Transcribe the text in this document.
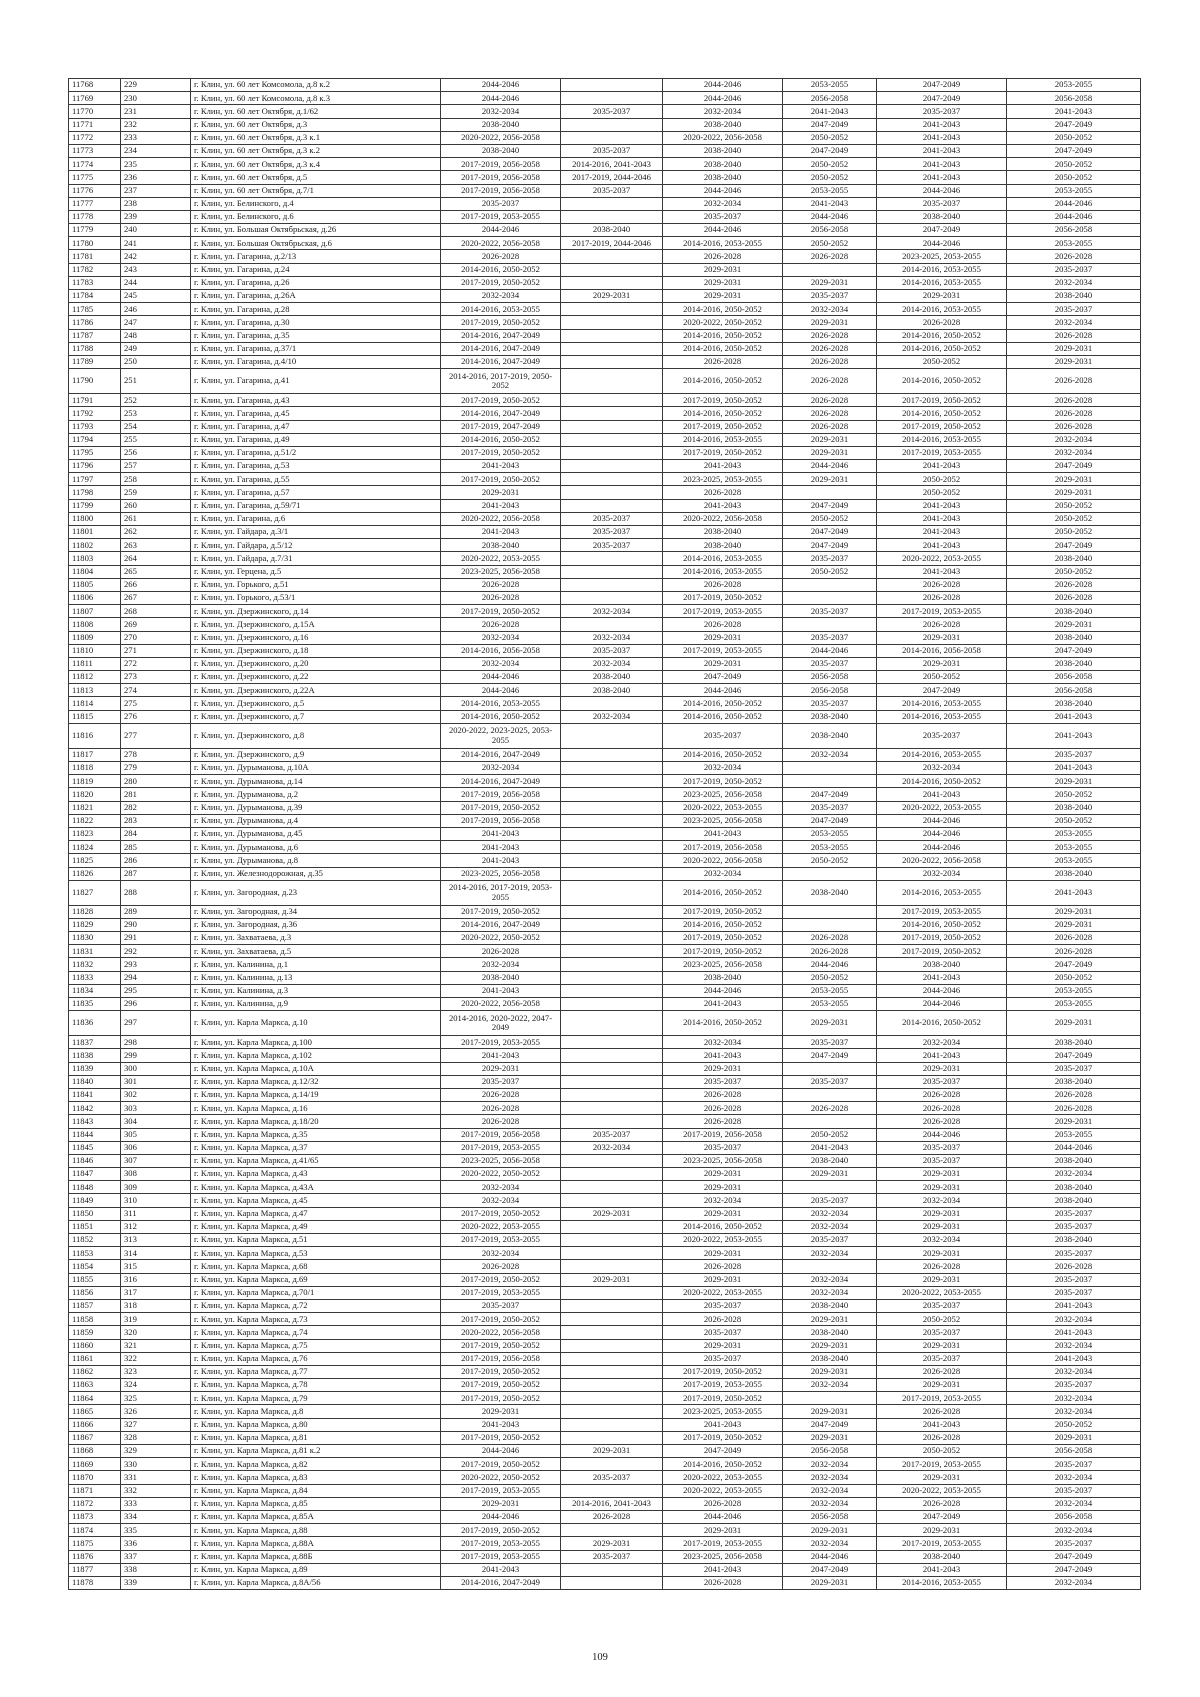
11768	229	г. Клин, ул. 60 лет Комсомола, д.8 к.2	2044-2046		2044-2046	2053-2055	2047-2049	2053-2055
11769	230	г. Клин, ул. 60 лет Комсомола, д.8 к.3	2044-2046		2044-2046	2056-2058	2047-2049	2056-2058
11770	231	г. Клин, ул. 60 лет Октября, д.1/62	2032-2034	2035-2037	2032-2034	2041-2043	2035-2037	2041-2043
11771	232	г. Клин, ул. 60 лет Октября, д.3	2038-2040		2038-2040	2047-2049	2041-2043	2047-2049
11772	233	г. Клин, ул. 60 лет Октября, д.3 к.1	2020-2022, 2056-2058		2020-2022, 2056-2058	2050-2052	2041-2043	2050-2052
11773	234	г. Клин, ул. 60 лет Октября, д.3 к.2	2038-2040	2035-2037	2038-2040	2047-2049	2041-2043	2047-2049
11774	235	г. Клин, ул. 60 лет Октября, д.3 к.4	2017-2019, 2056-2058	2014-2016, 2041-2043	2038-2040	2050-2052	2041-2043	2050-2052
11775	236	г. Клин, ул. 60 лет Октября, д.5	2017-2019, 2056-2058	2017-2019, 2044-2046	2038-2040	2050-2052	2041-2043	2050-2052
11776	237	г. Клин, ул. 60 лет Октября, д.7/1	2017-2019, 2056-2058	2035-2037	2044-2046	2053-2055	2044-2046	2053-2055
11777	238	г. Клин, ул. Белинского, д.4	2035-2037		2032-2034	2041-2043	2035-2037	2044-2046
11778	239	г. Клин, ул. Белинского, д.6	2017-2019, 2053-2055		2035-2037	2044-2046	2038-2040	2044-2046
11779	240	г. Клин, ул. Большая Октябрьская, д.26	2044-2046	2038-2040	2044-2046	2056-2058	2047-2049	2056-2058
11780	241	г. Клин, ул. Большая Октябрьская, д.6	2020-2022, 2056-2058	2017-2019, 2044-2046	2014-2016, 2053-2055	2050-2052	2044-2046	2053-2055
11781	242	г. Клин, ул. Гагарина, д.2/13	2026-2028		2026-2028	2026-2028	2023-2025, 2053-2055	2026-2028
11782	243	г. Клин, ул. Гагарина, д.24	2014-2016, 2050-2052		2029-2031		2014-2016, 2053-2055	2035-2037
11783	244	г. Клин, ул. Гагарина, д.26	2017-2019, 2050-2052		2029-2031	2029-2031	2014-2016, 2053-2055	2032-2034
11784	245	г. Клин, ул. Гагарина, д.26А	2032-2034	2029-2031	2029-2031	2035-2037	2029-2031	2038-2040
11785	246	г. Клин, ул. Гагарина, д.28	2014-2016, 2053-2055		2014-2016, 2050-2052	2032-2034	2014-2016, 2053-2055	2035-2037
11786	247	г. Клин, ул. Гагарина, д.30	2017-2019, 2050-2052		2020-2022, 2050-2052	2029-2031	2026-2028	2032-2034
11787	248	г. Клин, ул. Гагарина, д.35	2014-2016, 2047-2049		2014-2016, 2050-2052	2026-2028	2014-2016, 2050-2052	2026-2028
11788	249	г. Клин, ул. Гагарина, д.37/1	2014-2016, 2047-2049		2014-2016, 2050-2052	2026-2028	2014-2016, 2050-2052	2029-2031
11789	250	г. Клин, ул. Гагарина, д.4/10	2014-2016, 2047-2049		2026-2028	2026-2028	2050-2052	2029-2031
11790	251	г. Клин, ул. Гагарина, д.41	2014-2016, 2017-2019, 2050-2052		2014-2016, 2050-2052	2026-2028	2014-2016, 2050-2052	2026-2028
11791	252	г. Клин, ул. Гагарина, д.43	2017-2019, 2050-2052		2017-2019, 2050-2052	2026-2028	2017-2019, 2050-2052	2026-2028
11792	253	г. Клин, ул. Гагарина, д.45	2014-2016, 2047-2049		2014-2016, 2050-2052	2026-2028	2014-2016, 2050-2052	2026-2028
11793	254	г. Клин, ул. Гагарина, д.47	2017-2019, 2047-2049		2017-2019, 2050-2052	2026-2028	2017-2019, 2050-2052	2026-2028
11794	255	г. Клин, ул. Гагарина, д.49	2014-2016, 2050-2052		2014-2016, 2053-2055	2029-2031	2014-2016, 2053-2055	2032-2034
11795	256	г. Клин, ул. Гагарина, д.51/2	2017-2019, 2050-2052		2017-2019, 2050-2052	2029-2031	2017-2019, 2053-2055	2032-2034
11796	257	г. Клин, ул. Гагарина, д.53	2041-2043		2041-2043	2044-2046	2041-2043	2047-2049
11797	258	г. Клин, ул. Гагарина, д.55	2017-2019, 2050-2052		2023-2025, 2053-2055	2029-2031	2050-2052	2029-2031
11798	259	г. Клин, ул. Гагарина, д.57	2029-2031		2026-2028		2050-2052	2029-2031
11799	260	г. Клин, ул. Гагарина, д.59/71	2041-2043		2041-2043	2047-2049	2041-2043	2050-2052
11800	261	г. Клин, ул. Гагарина, д.6	2020-2022, 2056-2058	2035-2037	2020-2022, 2056-2058	2050-2052	2041-2043	2050-2052
11801	262	г. Клин, ул. Гайдара, д.3/1	2041-2043	2035-2037	2038-2040	2047-2049	2041-2043	2050-2052
11802	263	г. Клин, ул. Гайдара, д.5/12	2038-2040	2035-2037	2038-2040	2047-2049	2041-2043	2047-2049
11803	264	г. Клин, ул. Гайдара, д.7/31	2020-2022, 2053-2055		2014-2016, 2053-2055	2035-2037	2020-2022, 2053-2055	2038-2040
11804	265	г. Клин, ул. Герцена, д.5	2023-2025, 2056-2058		2014-2016, 2053-2055	2050-2052	2041-2043	2050-2052
11805	266	г. Клин, ул. Горького, д.51	2026-2028		2026-2028		2026-2028	2026-2028
11806	267	г. Клин, ул. Горького, д.53/1	2026-2028		2017-2019, 2050-2052		2026-2028	2026-2028
11807	268	г. Клин, ул. Дзержинского, д.14	2017-2019, 2050-2052	2032-2034	2017-2019, 2053-2055	2035-2037	2017-2019, 2053-2055	2038-2040
11808	269	г. Клин, ул. Дзержинского, д.15А	2026-2028		2026-2028		2026-2028	2029-2031
11809	270	г. Клин, ул. Дзержинского, д.16	2032-2034	2032-2034	2029-2031	2035-2037	2029-2031	2038-2040
11810	271	г. Клин, ул. Дзержинского, д.18	2014-2016, 2056-2058	2035-2037	2017-2019, 2053-2055	2044-2046	2014-2016, 2056-2058	2047-2049
11811	272	г. Клин, ул. Дзержинского, д.20	2032-2034	2032-2034	2029-2031	2035-2037	2029-2031	2038-2040
11812	273	г. Клин, ул. Дзержинского, д.22	2044-2046	2038-2040	2047-2049	2056-2058	2050-2052	2056-2058
11813	274	г. Клин, ул. Дзержинского, д.22А	2044-2046	2038-2040	2044-2046	2056-2058	2047-2049	2056-2058
11814	275	г. Клин, ул. Дзержинского, д.5	2014-2016, 2053-2055		2014-2016, 2050-2052	2035-2037	2014-2016, 2053-2055	2038-2040
11815	276	г. Клин, ул. Дзержинского, д.7	2014-2016, 2050-2052	2032-2034	2014-2016, 2050-2052	2038-2040	2014-2016, 2053-2055	2041-2043
11816	277	г. Клин, ул. Дзержинского, д.8	2020-2022, 2023-2025, 2053-2055		2035-2037	2038-2040	2035-2037	2041-2043
11817	278	г. Клин, ул. Дзержинского, д.9	2014-2016, 2047-2049		2014-2016, 2050-2052	2032-2034	2014-2016, 2053-2055	2035-2037
11818	279	г. Клин, ул. Дурыманова, д.10А	2032-2034		2032-2034		2032-2034	2041-2043
11819	280	г. Клин, ул. Дурыманова, д.14	2014-2016, 2047-2049		2017-2019, 2050-2052		2014-2016, 2050-2052	2029-2031
11820	281	г. Клин, ул. Дурыманова, д.2	2017-2019, 2056-2058		2023-2025, 2056-2058	2047-2049	2041-2043	2050-2052
11821	282	г. Клин, ул. Дурыманова, д.39	2017-2019, 2050-2052		2020-2022, 2053-2055	2035-2037	2020-2022, 2053-2055	2038-2040
11822	283	г. Клин, ул. Дурыманова, д.4	2017-2019, 2056-2058		2023-2025, 2056-2058	2047-2049	2044-2046	2050-2052
11823	284	г. Клин, ул. Дурыманова, д.45	2041-2043		2041-2043	2053-2055	2044-2046	2053-2055
11824	285	г. Клин, ул. Дурыманова, д.6	2041-2043		2017-2019, 2056-2058	2053-2055	2044-2046	2053-2055
11825	286	г. Клин, ул. Дурыманова, д.8	2041-2043		2020-2022, 2056-2058	2050-2052	2020-2022, 2056-2058	2053-2055
11826	287	г. Клин, ул. Железнодорожная, д.35	2023-2025, 2056-2058		2032-2034		2032-2034	2038-2040
11827	288	г. Клин, ул. Загородная, д.23	2014-2016, 2017-2019, 2053-2055		2014-2016, 2050-2052	2038-2040	2014-2016, 2053-2055	2041-2043
11828	289	г. Клин, ул. Загородная, д.34	2017-2019, 2050-2052		2017-2019, 2050-2052		2017-2019, 2053-2055	2029-2031
11829	290	г. Клин, ул. Загородная, д.36	2014-2016, 2047-2049		2014-2016, 2050-2052		2014-2016, 2050-2052	2029-2031
11830	291	г. Клин, ул. Захватаева, д.3	2020-2022, 2050-2052		2017-2019, 2050-2052	2026-2028	2017-2019, 2050-2052	2026-2028
11831	292	г. Клин, ул. Захватаева, д.5	2026-2028		2017-2019, 2050-2052	2026-2028	2017-2019, 2050-2052	2026-2028
11832	293	г. Клин, ул. Калинина, д.1	2032-2034		2023-2025, 2056-2058	2044-2046	2038-2040	2047-2049
11833	294	г. Клин, ул. Калинина, д.13	2038-2040		2038-2040	2050-2052	2041-2043	2050-2052
11834	295	г. Клин, ул. Калинина, д.3	2041-2043		2044-2046	2053-2055	2044-2046	2053-2055
11835	296	г. Клин, ул. Калинина, д.9	2020-2022, 2056-2058		2041-2043	2053-2055	2044-2046	2053-2055
11836	297	г. Клин, ул. Карла Маркса, д.10	2014-2016, 2020-2022, 2047-2049		2014-2016, 2050-2052	2029-2031	2014-2016, 2050-2052	2029-2031
11837	298	г. Клин, ул. Карла Маркса, д.100	2017-2019, 2053-2055		2032-2034	2035-2037	2032-2034	2038-2040
11838	299	г. Клин, ул. Карла Маркса, д.102	2041-2043		2041-2043	2047-2049	2041-2043	2047-2049
11839	300	г. Клин, ул. Карла Маркса, д.10А	2029-2031		2029-2031		2029-2031	2035-2037
11840	301	г. Клин, ул. Карла Маркса, д.12/32	2035-2037		2035-2037	2035-2037	2035-2037	2038-2040
11841	302	г. Клин, ул. Карла Маркса, д.14/19	2026-2028		2026-2028		2026-2028	2026-2028
11842	303	г. Клин, ул. Карла Маркса, д.16	2026-2028		2026-2028	2026-2028	2026-2028	2026-2028
11843	304	г. Клин, ул. Карла Маркса, д.18/20	2026-2028		2026-2028		2026-2028	2029-2031
11844	305	г. Клин, ул. Карла Маркса, д.35	2017-2019, 2056-2058	2035-2037	2017-2019, 2056-2058	2050-2052	2044-2046	2053-2055
11845	306	г. Клин, ул. Карла Маркса, д.37	2017-2019, 2053-2055	2032-2034	2035-2037	2041-2043	2035-2037	2044-2046
11846	307	г. Клин, ул. Карла Маркса, д.41/65	2023-2025, 2056-2058		2023-2025, 2056-2058	2038-2040	2035-2037	2038-2040
11847	308	г. Клин, ул. Карла Маркса, д.43	2020-2022, 2050-2052		2029-2031	2029-2031	2029-2031	2032-2034
11848	309	г. Клин, ул. Карла Маркса, д.43А	2032-2034		2029-2031		2029-2031	2038-2040
11849	310	г. Клин, ул. Карла Маркса, д.45	2032-2034		2032-2034	2035-2037	2032-2034	2038-2040
11850	311	г. Клин, ул. Карла Маркса, д.47	2017-2019, 2050-2052	2029-2031	2029-2031	2032-2034	2029-2031	2035-2037
11851	312	г. Клин, ул. Карла Маркса, д.49	2020-2022, 2053-2055		2014-2016, 2050-2052	2032-2034	2029-2031	2035-2037
11852	313	г. Клин, ул. Карла Маркса, д.51	2017-2019, 2053-2055		2020-2022, 2053-2055	2035-2037	2032-2034	2038-2040
11853	314	г. Клин, ул. Карла Маркса, д.53	2032-2034		2029-2031	2032-2034	2029-2031	2035-2037
11854	315	г. Клин, ул. Карла Маркса, д.68	2026-2028		2026-2028		2026-2028	2026-2028
11855	316	г. Клин, ул. Карла Маркса, д.69	2017-2019, 2050-2052	2029-2031	2029-2031	2032-2034	2029-2031	2035-2037
11856	317	г. Клин, ул. Карла Маркса, д.70/1	2017-2019, 2053-2055		2020-2022, 2053-2055	2032-2034	2020-2022, 2053-2055	2035-2037
11857	318	г. Клин, ул. Карла Маркса, д.72	2035-2037		2035-2037	2038-2040	2035-2037	2041-2043
11858	319	г. Клин, ул. Карла Маркса, д.73	2017-2019, 2050-2052		2026-2028	2029-2031	2050-2052	2032-2034
11859	320	г. Клин, ул. Карла Маркса, д.74	2020-2022, 2056-2058		2035-2037	2038-2040	2035-2037	2041-2043
11860	321	г. Клин, ул. Карла Маркса, д.75	2017-2019, 2050-2052		2029-2031	2029-2031	2029-2031	2032-2034
11861	322	г. Клин, ул. Карла Маркса, д.76	2017-2019, 2056-2058		2035-2037	2038-2040	2035-2037	2041-2043
11862	323	г. Клин, ул. Карла Маркса, д.77	2017-2019, 2050-2052		2017-2019, 2050-2052	2029-2031	2026-2028	2032-2034
11863	324	г. Клин, ул. Карла Маркса, д.78	2017-2019, 2050-2052		2017-2019, 2053-2055	2032-2034	2029-2031	2035-2037
11864	325	г. Клин, ул. Карла Маркса, д.79	2017-2019, 2050-2052		2017-2019, 2050-2052		2017-2019, 2053-2055	2032-2034
11865	326	г. Клин, ул. Карла Маркса, д.8	2029-2031		2023-2025, 2053-2055	2029-2031	2026-2028	2032-2034
11866	327	г. Клин, ул. Карла Маркса, д.80	2041-2043		2041-2043	2047-2049	2041-2043	2050-2052
11867	328	г. Клин, ул. Карла Маркса, д.81	2017-2019, 2050-2052		2017-2019, 2050-2052	2029-2031	2026-2028	2029-2031
11868	329	г. Клин, ул. Карла Маркса, д.81 к.2	2044-2046	2029-2031	2047-2049	2056-2058	2050-2052	2056-2058
11869	330	г. Клин, ул. Карла Маркса, д.82	2017-2019, 2050-2052		2014-2016, 2050-2052	2032-2034	2017-2019, 2053-2055	2035-2037
11870	331	г. Клин, ул. Карла Маркса, д.83	2020-2022, 2050-2052	2035-2037	2020-2022, 2053-2055	2032-2034	2029-2031	2032-2034
11871	332	г. Клин, ул. Карла Маркса, д.84	2017-2019, 2053-2055		2020-2022, 2053-2055	2032-2034	2020-2022, 2053-2055	2035-2037
11872	333	г. Клин, ул. Карла Маркса, д.85	2029-2031	2014-2016, 2041-2043	2026-2028	2032-2034	2026-2028	2032-2034
11873	334	г. Клин, ул. Карла Маркса, д.85А	2044-2046	2026-2028	2044-2046	2056-2058	2047-2049	2056-2058
11874	335	г. Клин, ул. Карла Маркса, д.88	2017-2019, 2050-2052		2029-2031	2029-2031	2029-2031	2032-2034
11875	336	г. Клин, ул. Карла Маркса, д.88А	2017-2019, 2053-2055	2029-2031	2017-2019, 2053-2055	2032-2034	2017-2019, 2053-2055	2035-2037
11876	337	г. Клин, ул. Карла Маркса, д.88Б	2017-2019, 2053-2055	2035-2037	2023-2025, 2056-2058	2044-2046	2038-2040	2047-2049
11877	338	г. Клин, ул. Карла Маркса, д.89	2041-2043		2041-2043	2047-2049	2041-2043	2047-2049
11878	339	г. Клин, ул. Карла Маркса, д.8А/56	2014-2016, 2047-2049		2026-2028	2029-2031	2014-2016, 2053-2055	2032-2034
109
